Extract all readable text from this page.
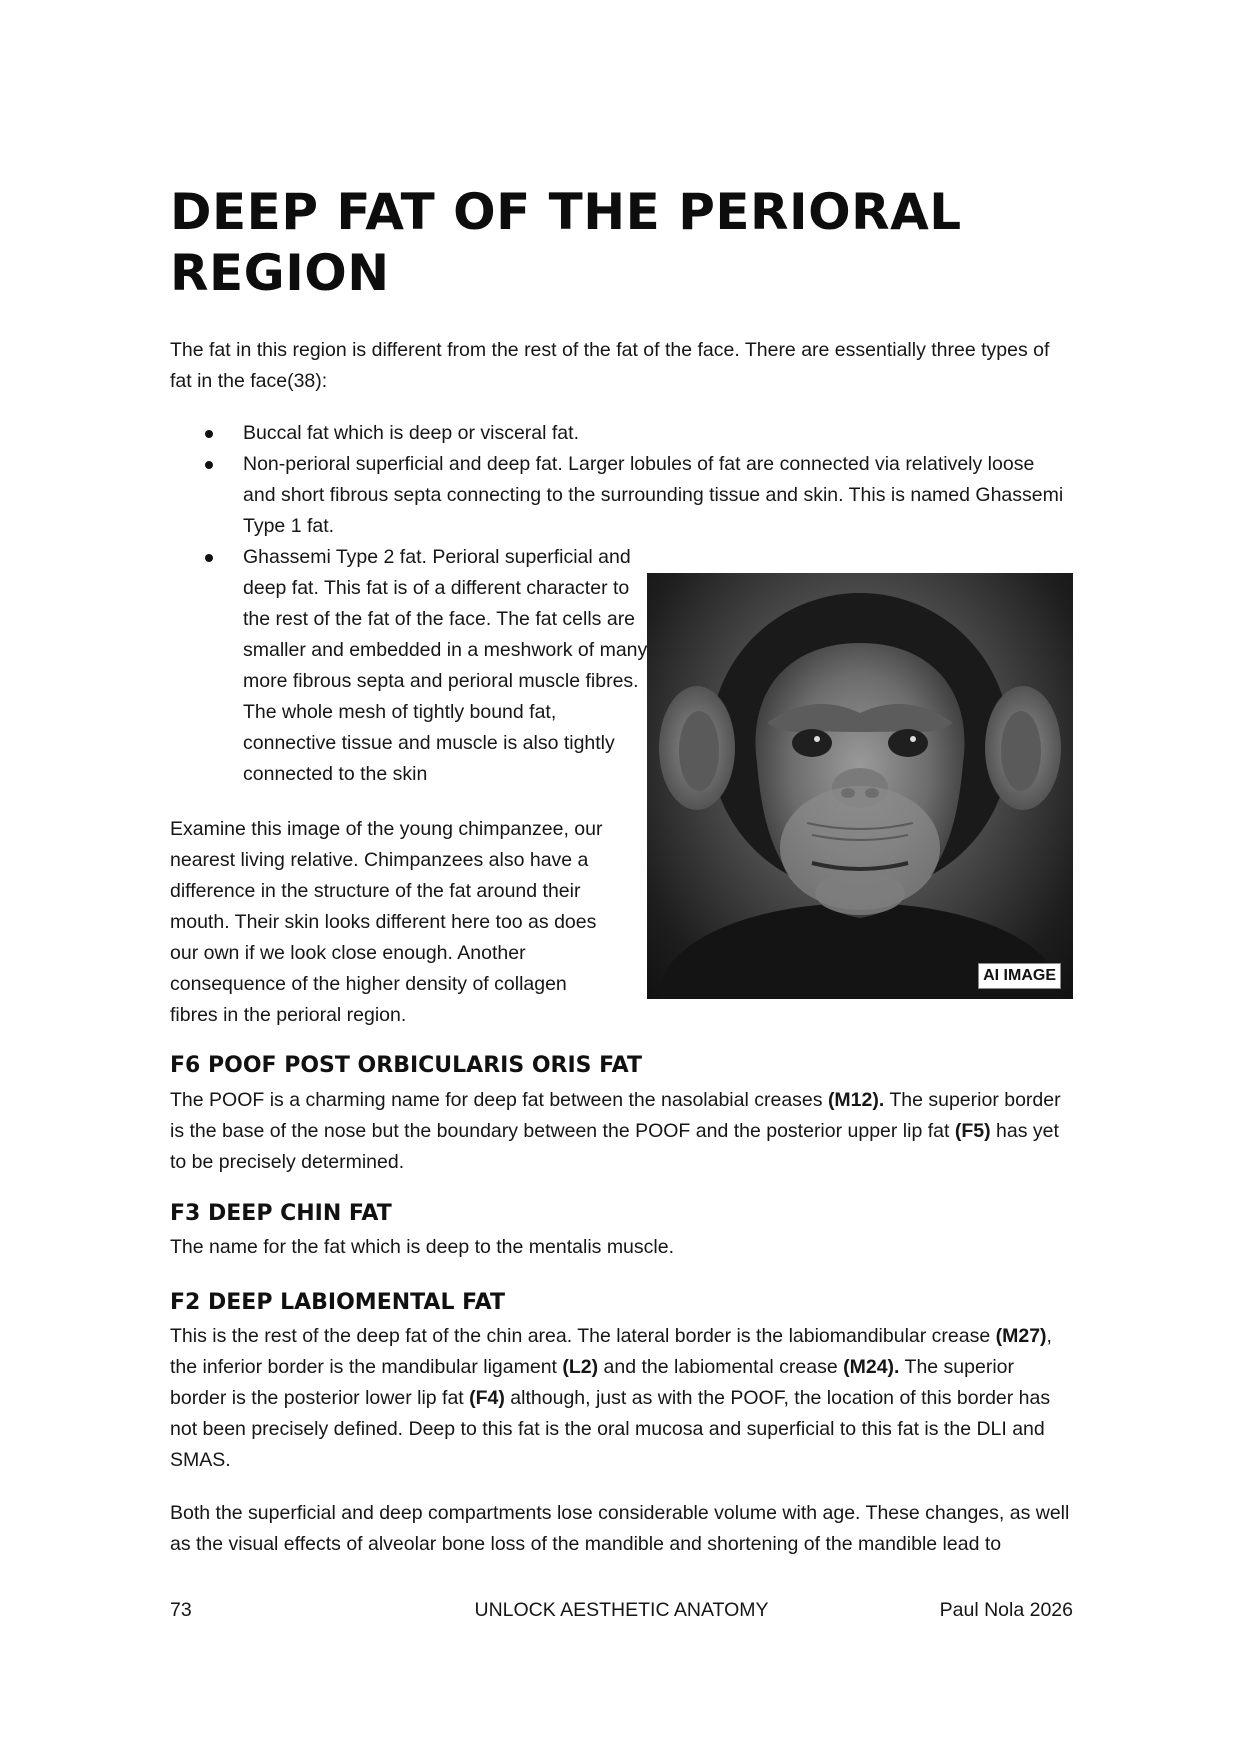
DEEP FAT OF THE PERIORAL REGION

The fat in this region is different from the rest of the fat of the face. There are essentially three types of fat in the face(38):

Buccal fat which is deep or visceral fat.
Non-perioral superficial and deep fat. Larger lobules of fat are connected via relatively loose and short fibrous septa connecting to the surrounding tissue and skin. This is named Ghassemi Type 1 fat.
Ghassemi Type 2 fat. Perioral superficial and deep fat. This fat is of a different character to the rest of the fat of the face. The fat cells are smaller and embedded in a meshwork of many more fibrous septa and perioral muscle fibres. The whole mesh of tightly bound fat, connective tissue and muscle is also tightly connected to the skin
AI IMAGE

Examine this image of the young chimpanzee, our nearest living relative. Chimpanzees also have a difference in the structure of the fat around their mouth. Their skin looks different here too as does our own if we look close enough. Another consequence of the higher density of collagen fibres in the perioral region.

F6 POOF POST ORBICULARIS ORIS FAT

The POOF is a charming name for deep fat between the nasolabial creases (M12). The superior border is the base of the nose but the boundary between the POOF and the posterior upper lip fat (F5) has yet to be precisely determined.

F3 DEEP CHIN FAT

The name for the fat which is deep to the mentalis muscle.

F2 DEEP LABIOMENTAL FAT

This is the rest of the deep fat of the chin area. The lateral border is the labiomandibular crease (M27), the inferior border is the mandibular ligament (L2) and the labiomental crease (M24). The superior border is the posterior lower lip fat (F4) although, just as with the POOF, the location of this border has not been precisely defined. Deep to this fat is the oral mucosa and superficial to this fat is the DLI and SMAS.

Both the superficial and deep compartments lose considerable volume with age. These changes, as well as the visual effects of alveolar bone loss of the mandible and shortening of the mandible lead to

UNLOCK AESTHETIC ANATOMY
73	Paul Nola 2026
